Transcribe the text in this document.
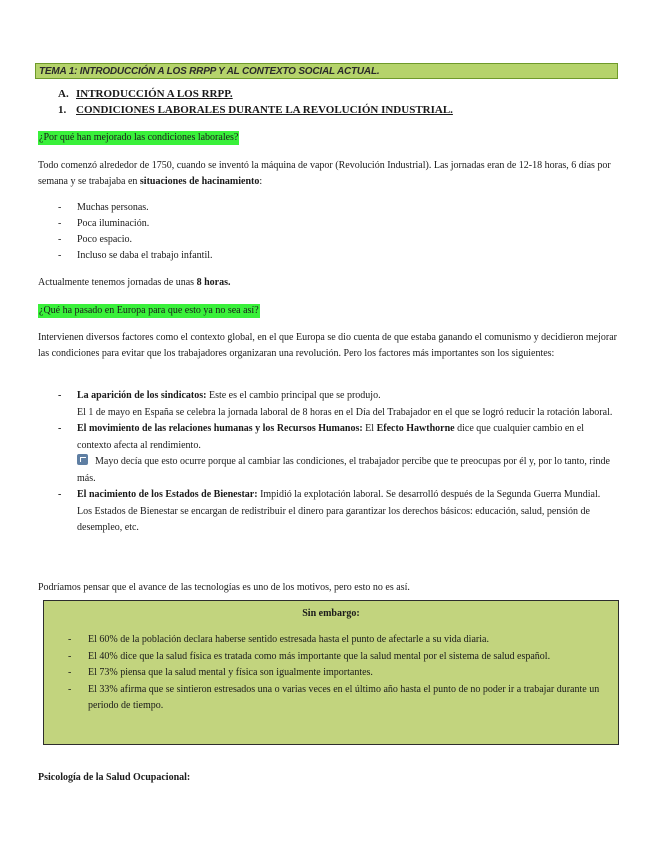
TEMA 1: INTRODUCCIÓN A LOS RRPP Y AL CONTEXTO SOCIAL ACTUAL.
A. INTRODUCCIÓN A LOS RRPP.
1. CONDICIONES LABORALES DURANTE LA REVOLUCIÓN INDUSTRIAL.
¿Por qué han mejorado las condiciones laborales?
Todo comenzó alrededor de 1750, cuando se inventó la máquina de vapor (Revolución Industrial). Las jornadas eran de 12-18 horas, 6 días por semana y se trabajaba en situaciones de hacinamiento:
- Muchas personas.
- Poca iluminación.
- Poco espacio.
- Incluso se daba el trabajo infantil.
Actualmente tenemos jornadas de unas 8 horas.
¿Qué ha pasado en Europa para que esto ya no sea así?
Intervienen diversos factores como el contexto global, en el que Europa se dio cuenta de que estaba ganando el comunismo y decidieron mejorar las condiciones para evitar que los trabajadores organizaran una revolución. Pero los factores más importantes son los siguientes:
- La aparición de los sindicatos: Este es el cambio principal que se produjo.
El 1 de mayo en España se celebra la jornada laboral de 8 horas en el Día del Trabajador en el que se logró reducir la rotación laboral.
- El movimiento de las relaciones humanas y los Recursos Humanos: El Efecto Hawthorne dice que cualquier cambio en el contexto afecta al rendimiento.
Mayo decía que esto ocurre porque al cambiar las condiciones, el trabajador percibe que te preocupas por él y, por lo tanto, rinde más.
- El nacimiento de los Estados de Bienestar: Impidió la explotación laboral. Se desarrolló después de la Segunda Guerra Mundial.
Los Estados de Bienestar se encargan de redistribuir el dinero para garantizar los derechos básicos: educación, salud, pensión de desempleo, etc.
Podríamos pensar que el avance de las tecnologías es uno de los motivos, pero esto no es así.
Sin embargo:
- El 60% de la población declara haberse sentido estresada hasta el punto de afectarle a su vida diaria.
- El 40% dice que la salud física es tratada como más importante que la salud mental por el sistema de salud español.
- El 73% piensa que la salud mental y física son igualmente importantes.
- El 33% afirma que se sintieron estresados una o varias veces en el último año hasta el punto de no poder ir a trabajar durante un periodo de tiempo.
Psicología de la Salud Ocupacional:
